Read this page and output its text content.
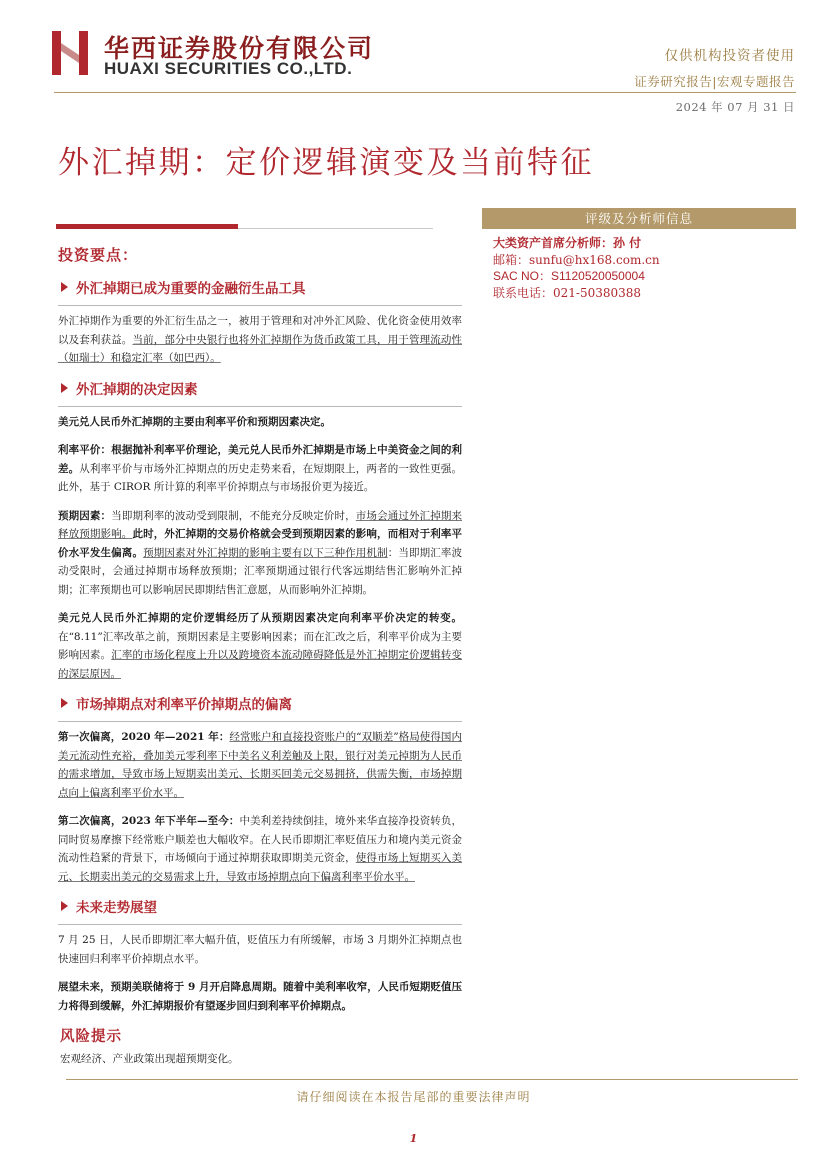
华西证券股份有限公司
HUAXI SECURITIES CO.,LTD.
仅供机构投资者使用
证券研究报告|宏观专题报告
2024 年 07 月 31 日
外汇掉期：定价逻辑演变及当前特征
评级及分析师信息
大类资产首席分析师：孙 付
邮箱：sunfu@hx168.com.cn
SAC NO：S1120520050004
联系电话：021-50380388
投资要点：
外汇掉期已成为重要的金融衍生品工具

外汇掉期作为重要的外汇衍生品之一，被用于管理和对冲外汇风险、优化资金使用效率以及套利获益。当前，部分中央银行也将外汇掉期作为货币政策工具，用于管理流动性（如瑞士）和稳定汇率（如巴西）。

外汇掉期的决定因素

美元兑人民币外汇掉期的主要由利率平价和预期因素决定。

利率平价：根据抛补利率平价理论，美元兑人民币外汇掉期是市场上中美资金之间的利差。从利率平价与市场外汇掉期点的历史走势来看，在短期限上，两者的一致性更强。此外，基于 CIROR 所计算的利率平价掉期点与市场报价更为接近。

预期因素：当即期利率的波动受到限制，不能充分反映定价时，市场会通过外汇掉期来释放预期影响。此时，外汇掉期的交易价格就会受到预期因素的影响，而相对于利率平价水平发生偏离。预期因素对外汇掉期的影响主要有以下三种作用机制：当即期汇率波动受限时，会通过掉期市场释放预期；汇率预期通过银行代客远期结售汇影响外汇掉期；汇率预期也可以影响居民即期结售汇意愿，从而影响外汇掉期。

美元兑人民币外汇掉期的定价逻辑经历了从预期因素决定向利率平价决定的转变。在“8.11”汇率改革之前，预期因素是主要影响因素；而在汇改之后，利率平价成为主要影响因素。汇率的市场化程度上升以及跨境资本流动障碍降低是外汇掉期定价逻辑转变的深层原因。

市场掉期点对利率平价掉期点的偏离

第一次偏离，2020 年—2021 年：经常账户和直接投资账户的“双顺差”格局使得国内美元流动性充裕，叠加美元零利率下中美名义利差触及上限，银行对美元掉期为人民币的需求增加，导致市场上短期卖出美元、长期买回美元交易拥挤，供需失衡，市场掉期点向上偏离利率平价水平。

第二次偏离，2023 年下半年—至今：中美利差持续倒挂，境外来华直接净投资转负，同时贸易摩擦下经常账户顺差也大幅收窄。在人民币即期汇率贬值压力和境内美元资金流动性趋紧的背景下，市场倾向于通过掉期获取即期美元资金，使得市场上短期买入美元、长期卖出美元的交易需求上升，导致市场掉期点向下偏离利率平价水平。

未来走势展望

7 月 25 日，人民币即期汇率大幅升值，贬值压力有所缓解，市场 3 月期外汇掉期点也快速回归利率平价掉期点水平。

展望未来，预期美联储将于 9 月开启降息周期。随着中美利率收窄，人民币短期贬值压力将得到缓解，外汇掉期报价有望逐步回归到利率平价掉期点。

风险提示
宏观经济、产业政策出现超预期变化。
请仔细阅读在本报告尾部的重要法律声明
1
